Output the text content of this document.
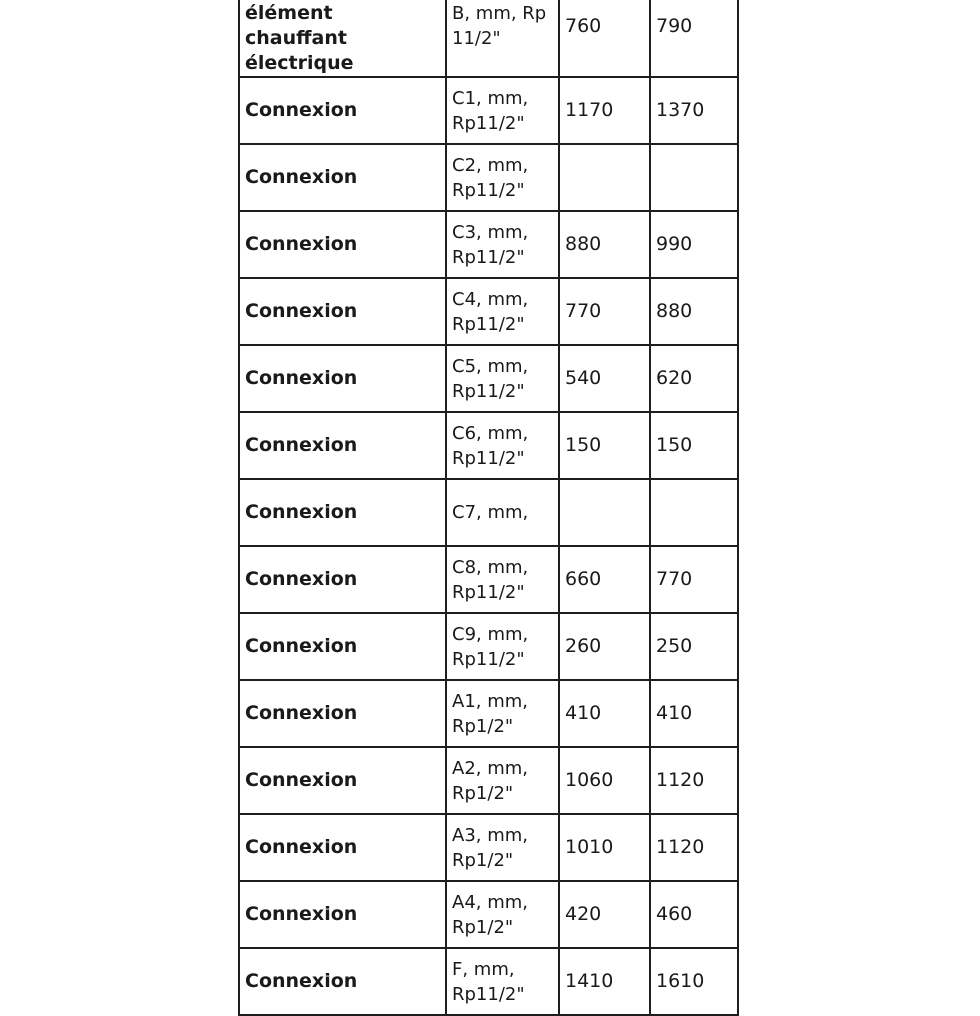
élément chauffant électrique	B, mm, Rp 11/2"	760	790
Connexion	C1, mm, Rp11/2"	1170	1370
Connexion	C2, mm, Rp11/2"		
Connexion	C3, mm, Rp11/2"	880	990
Connexion	C4, mm, Rp11/2"	770	880
Connexion	C5, mm, Rp11/2"	540	620
Connexion	C6, mm, Rp11/2"	150	150
Connexion	C7, mm,		
Connexion	C8, mm, Rp11/2"	660	770
Connexion	C9, mm, Rp11/2"	260	250
Connexion	A1, mm, Rp1/2"	410	410
Connexion	A2, mm, Rp1/2"	1060	1120
Connexion	A3, mm, Rp1/2"	1010	1120
Connexion	A4, mm, Rp1/2"	420	460
Connexion	F, mm, Rp11/2"	1410	1610
